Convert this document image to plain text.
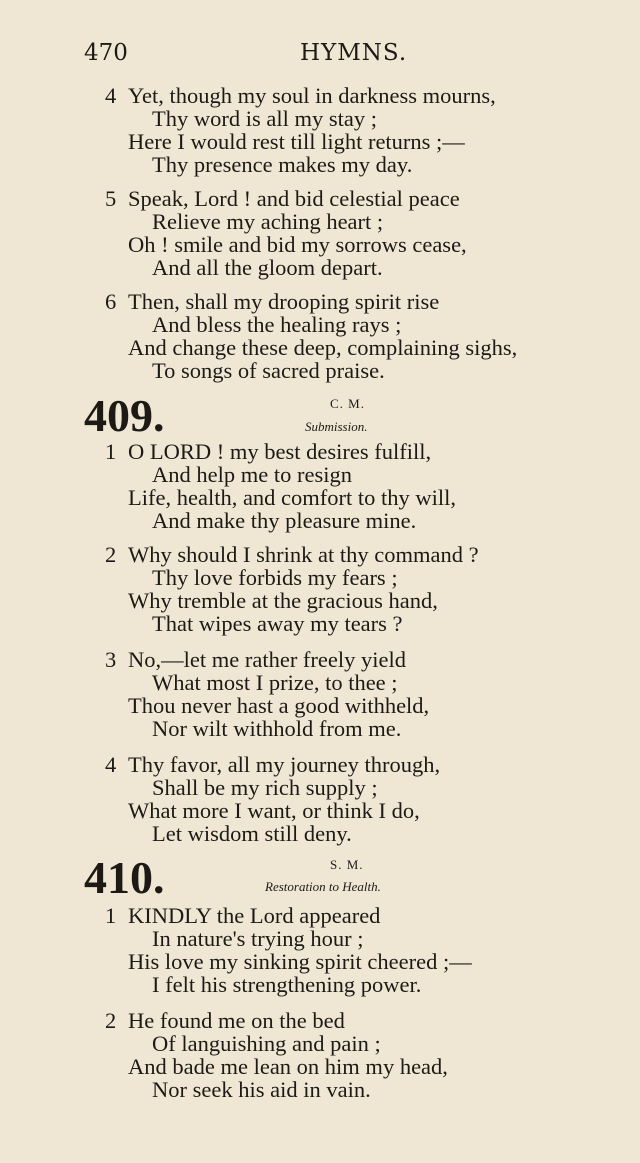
470	HYMNS.
4 Yet, though my soul in darkness mourns,
Thy word is all my stay ;
Here I would rest till light returns ;—
Thy presence makes my day.
5 Speak, Lord ! and bid celestial peace
Relieve my aching heart ;
Oh ! smile and bid my sorrows cease,
And all the gloom depart.
6 Then, shall my drooping spirit rise
And bless the healing rays ;
And change these deep, complaining sighs,
To songs of sacred praise.
409.	C. M.
Submission.
1 O LORD ! my best desires fulfill,
And help me to resign
Life, health, and comfort to thy will,
And make thy pleasure mine.
2 Why should I shrink at thy command ?
Thy love forbids my fears ;
Why tremble at the gracious hand,
That wipes away my tears ?
3 No,—let me rather freely yield
What most I prize, to thee ;
Thou never hast a good withheld,
Nor wilt withhold from me.
4 Thy favor, all my journey through,
Shall be my rich supply ;
What more I want, or think I do,
Let wisdom still deny.
410.	S. M.
Restoration to Health.
1 KINDLY the Lord appeared
In nature's trying hour ;
His love my sinking spirit cheered ;—
I felt his strengthening power.
2 He found me on the bed
Of languishing and pain ;
And bade me lean on him my head,
Nor seek his aid in vain.
